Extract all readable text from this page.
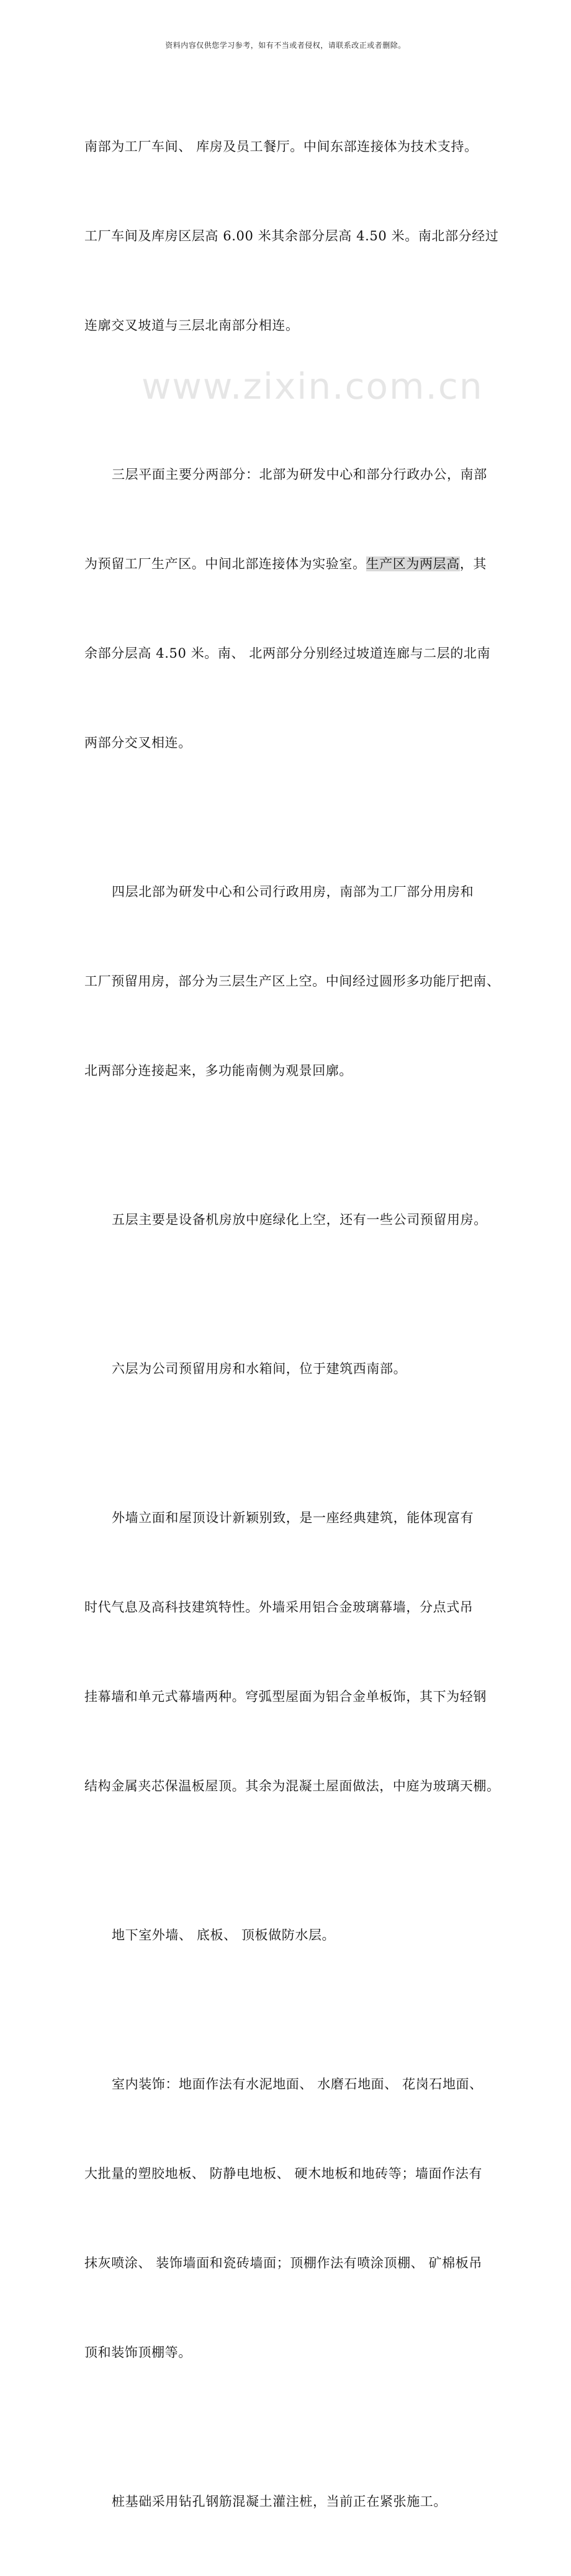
资料内容仅供您学习参考，如有不当或者侵权，请联系改正或者删除。
www.zixin.com.cn

南部为工厂车间、 库房及员工餐厅。中间东部连接体为技术支持。

工厂车间及库房区层高 6.00 米其余部分层高 4.50 米。南北部分经过

连廓交叉坡道与三层北南部分相连。

三层平面主要分两部分：北部为研发中心和部分行政办公，南部

为预留工厂生产区。中间北部连接体为实验室。生产区为两层高，其

余部分层高 4.50 米。南、 北两部分分别经过坡道连廊与二层的北南

两部分交叉相连。

四层北部为研发中心和公司行政用房，南部为工厂部分用房和

工厂预留用房，部分为三层生产区上空。中间经过圆形多功能厅把南、

北两部分连接起来，多功能南侧为观景回廓。

五层主要是设备机房放中庭绿化上空，还有一些公司预留用房。

六层为公司预留用房和水箱间，位于建筑西南部。

外墙立面和屋顶设计新颖别致，是一座经典建筑，能体现富有

时代气息及高科技建筑特性。外墙采用铝合金玻璃幕墙，分点式吊

挂幕墙和单元式幕墙两种。穹弧型屋面为铝合金单板饰，其下为轻钢

结构金属夹芯保温板屋顶。其余为混凝土屋面做法，中庭为玻璃天棚。

地下室外墙、 底板、 顶板做防水层。

室内装饰：地面作法有水泥地面、 水磨石地面、 花岗石地面、

大批量的塑胶地板、 防静电地板、 硬木地板和地砖等；墙面作法有

抹灰喷涂、 装饰墙面和瓷砖墙面；顶棚作法有喷涂顶棚、 矿棉板吊

顶和装饰顶棚等。

桩基础采用钻孔钢筋混凝土灌注桩，当前正在紧张施工。
